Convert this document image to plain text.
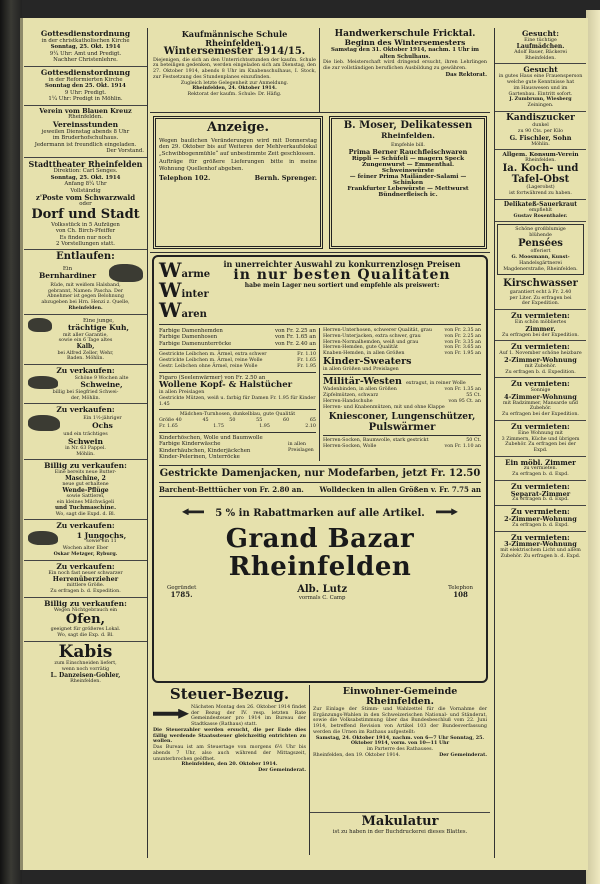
Gottesdienstordnung
in der christkatholischen Kirche
Sonntag, 25. Okt. 1914
9¼ Uhr: Amt und Predigt.
Nachher Christenlehre.
Gottesdienstordnung
in der Reformierten Kirche
Sonntag den 25. Okt. 1914
9 Uhr: Predigt.
1¼ Uhr: Predigt in Möhlin.
Verein vom Blauen Kreuz
Rheinfelden.
Vereinsstunden
jeweilen Dienstag abends 8 Uhr
im Bruderhofschulhaus.
Jedermann ist freundlich eingeladen.
Der Vorstand.
Stadttheater Rheinfelden
Direktion: Carl Senges.
Sonntag, 25. Okt. 1914
Anfang 8¼ Uhr
Vollständig
z'Poste vom Schwarzwald
oder
Dorf und Stadt
Volksstück in 5 Aufzügen
von Ch. Birch-Pfeiffer
Es finden nur noch
2 Vorstellungen statt.
Entlaufen:
Ein
Bernhardiner
Rüde, mit weißem Halsband,
gebrannt, Namen: Pascha. Der
Abnehmer ist gegen Belohnung
abzugeben bei Hrn. Henzi z. Quelle,
Rheinfelden.
Eine junge,
trächtige Kuh,
mit aller Garantie,
sowie ein 6 Tage altes
Kalb,
bei Alfred Zeller, Wehr,
Baden. Möhlin.
Zu verkaufen:
Schöne 9 Wochen alte
Schweine,
billig bei Siegfried Schwei-
der, Möhlin.
Zu verkaufen:
Ein 1½-jähriger
Ochs
und ein trächtiges
Schwein
in Nr. 63 Pappel.
Möhlin.
Billig zu verkaufen:
Eine bereits neue Butter-
Maschine, 2
neue gut erhaltene
Wende-Pflüge
sowie Sattlerei,
ein kleines Milchwägeli
und Tuchmaschine.
Wo, sagt die Expd. d. Bl.
Zu verkaufen:
1 Jungochs,
sowie ein 11
Wochen alter Eber
Oskar Metzger, Ryburg.
Zu verkaufen:
Ein noch fast neuer schwarzer
Herrenüberzieher
mittlere Größe.
Zu erfragen b. d. Expedition.
Billig zu verkaufen:
Wegen Nichtgebrauch ein
Ofen,
geeignet für größeres Lokal.
Wo, sagt die Exp. d. Bl.
Kabis
zum Einschneiden liefert,
wenn noch vorrätig
L. Danzeisen-Gohler,
Rheinfelden.
Kaufmännische Schule Rheinfelden.
Wintersemester 1914/15.
Diejenigen, die sich an den Unterrichtsstunden der kaufm. Schule zu beteiligen gedenken, werden eingeladen sich am Dienstag, den 27. Oktober 1914, abends 8 Uhr im Knabenschulhaus, I. Stock, zur Festsetzung des Stundenplanes einzufinden.
Zugleich letzte Gelegenheit zur Anmeldung.
Rheinfelden, 24. Oktober 1914.
Rektorat der kaufm. Schule: Dr. Häfig.
Handwerkerschule Fricktal.
Beginn des Wintersemesters
Samstag den 31. Oktober 1914, nachm. 1 Uhr im alten Schulhaus.
Die lieb. Meisterschaft wird dringend ersucht, ihren Lehrlingen die zur vollständigen beruflichen Ausbildung zu gewähren.
Das Rektorat.
Anzeige.
Wegen baulichen Veränderungen wird mit Donnerstag den 29. Oktober bis auf Weiteres der Mehlverkaufslokal „Schwibbogenmühle“ auf unbestimmte Zeit geschlossen.
Aufträge für größere Lieferungen bitte in meine Wohnung Quellenhof abgeben.
Telephon 102.	Bernh. Sprenger.
B. Moser, Delikatessen
Rheinfelden.
Empfehle bill.
Prima Berner Rauchfleischwaren
Rippli — Schüfeli — magern Speck
Zungenwurst — Emmenthal. Schweinswürste
— feiner Prima Mailänder-Salami — Schinken
Frankfurter Lebewürste — Mettwurst
Bündnerfleisch ic.
Warme
Winter
Waren
in unerreichter Auswahl zu konkurrenzlosen Preisen
in nur besten Qualitäten
habe mein Lager neu sortiert und empfehle als preiswert:
Farbige Damenhemden	von Fr. 2.25 an
Farbige Damenhosen	von Fr. 1.65 an
Farbige Damenunterröcke	von Fr. 2.40 an
Gestrickte Leibchen m. Ärmel, extra schwer	Fr. 1.10
Gestrickte Leibchen m. Ärmel, reine Wolle	Fr. 1.65
Gestr. Leibchen ohne Ärmel, reine Wolle	Fr. 1.95
Figaro (Seelenwärmer) von Fr. 2.50 an
Wollene Kopf- & Halstücher
in allen Preislagen
Gestrickte Mützen, weiß u. farbig für Damen Fr. 1.95 für Kinder 1.45
Mädchen-Turnhosen, dunkelblau, gute Qualität
Größe 40	45	50	55	60	65
Fr. 1.65	1.75	1.95	2.10
Kinderhöschen, Wolle und Baumwolle
Farbige Kinderwäsche
Kinderhäubchen, Kinderjäckchen
Kinder-Pelerinen, Unterröcke
in allen Preislagen
Herren-Unterhosen, schwerer Qualität, grau	von Fr. 2.35 an
Herren-Unterjacken, extra schwer, grau	von Fr. 2.25 an
Herren-Normalhemden, weiß und grau	von Fr. 3.35 an
Herren-Hemden, gute Qualität	von Fr. 3.65 an
Knaben-Hemden, in allen Größen	von Fr. 1.95 an
Kinder-Sweaters
in allen Größen und Preislagen
Militär-Westen extragut, in reiner Wolle
Wadenbinden, in allen Größen	von Fr. 1.35 an
Zipfelmützen, schwarz	55 Ct.
Herren-Handschuhe	von 95 Ct. an
Herren- und Knabenmützen, mit und ohne Klappe
Kniesconer, Lungenschützer,
Pulswärmer
Herren-Socken, Baumwolle, stark gestrickt	50 Ct.
Herren-Socken, Wolle	von Fr. 1.10 an
Gestrickte Damenjacken, nur Modefarben, jetzt Fr. 12.50
Barchent-Betttücher von Fr. 2.80 an. Wolldecken in allen Größen v. Fr. 7.75 an
5 % in Rabattmarken auf alle Artikel.
Grand Bazar Rheinfelden
Gegründet
1785.	Alb. Lutz
vormals C. Camp
Telephon
108
Steuer-Bezug.
Nächsten Montag den 26. Oktober 1914 findet der Bezug der IV. resp. letzten Rate Gemeindesteuer pro 1914 im Bureau der Stadtkasse (Rathaus) statt.
Die Steuerzahler werden ersucht, die per Ende dies fällig werdende Staatssteuer gleichzeitig entrichten zu wollen.
Das Bureau ist am Steuertage von morgens 6½ Uhr bis abends 7 Uhr, also auch während der Mittagszeit, ununterbrochen geöffnet.
Rheinfelden, den 20. Oktober 1914.
Der Gemeinderat.
Einwohner-Gemeinde Rheinfelden.
Zur Einlage der Stimm- und Wahlzettel für die Vornahme der Ergänzungs-Wahlen in den Schweizerischen National- und Ständerat, sowie die Volksabstimmung über das Bundesbeschluß vom 22. Juni 1914, betreffend Revision von Artikel 103 der Bundesverfassung werden die Urnen im Rathaus aufgestellt:
Samstag, 24. Oktober 1914, nachm. von 6—7 Uhr Sonntag, 25. Oktober 1914, vorm. von 10—11 Uhr
im Parterre des Rathauses.
Rheinfelden, den 19. Oktober 1914.	Der Gemeinderat.
Makulatur
ist zu haben in der Buchdruckerei dieses Blattes.
Gesucht:
Eine tüchtige
Laufmädchen.
Adolf Bauer, Bäckerei
Rheinfelden.
Gesucht
in gutes Haus eine Frauensperson
welche gute Kenntnisse hat
im Hauswesen und im
Gartenbau. Eintritt sofort.
J. Zumbrunn, Wiesberg
Zeiningen.
Kandiszucker
dunkel
zu 90 Cts. per Kilo
G. Fischler, Sohn
Möhlin.
Allgem. Konsum-Verein
Rheinfelden.
Ia. Koch- und
Tafel-Obst
(Lagerobst)
ist fortwährend zu haben.
Delikateß-Sauerkraut
empfiehlt
Gustav Rosenthaler.
Schöne großblumige
blühende
Pensées
offeriert
G. Moosmann, Kunst-
Handelsgärtnerei
Magdenerstraße, Rheinfelden.
Kirschwasser
garantiert echt à Fr. 2.40
per Liter. Zu erfragen bei
der Expedition.
Zu vermieten:
Ein schön möbliertes
Zimmer.
Zu erfragen bei der Expedition.
Zu vermieten:
Auf 1. November schöne heizbare
2-Zimmer-Wohnung
mit Zubehör.
Zu erfragen b. d. Expedition.
Zu vermieten:
Sonnige
4-Zimmer-Wohnung
mit Badzimmer, Mansarde und
Zubehör.
Zu erfragen bei der Expedition.
Zu vermieten:
Eine Wohnung mit
3 Zimmern, Küche und übrigem
Zubehör. Zu erfragen bei der Expd.
Ein möbl. Zimmer
zu vermieten.
Zu erfragen b. d. Expd.
Zu vermieten:
Separat-Zimmer
Zu erfragen b. d. Expd.
Zu vermieten:
2-Zimmer-Wohnung
Zu erfragen b. d. Expd.
Zu vermieten:
3-Zimmer-Wohnung
mit elektrischem Licht und allem
Zubehör. Zu erfragen b. d. Expd.
